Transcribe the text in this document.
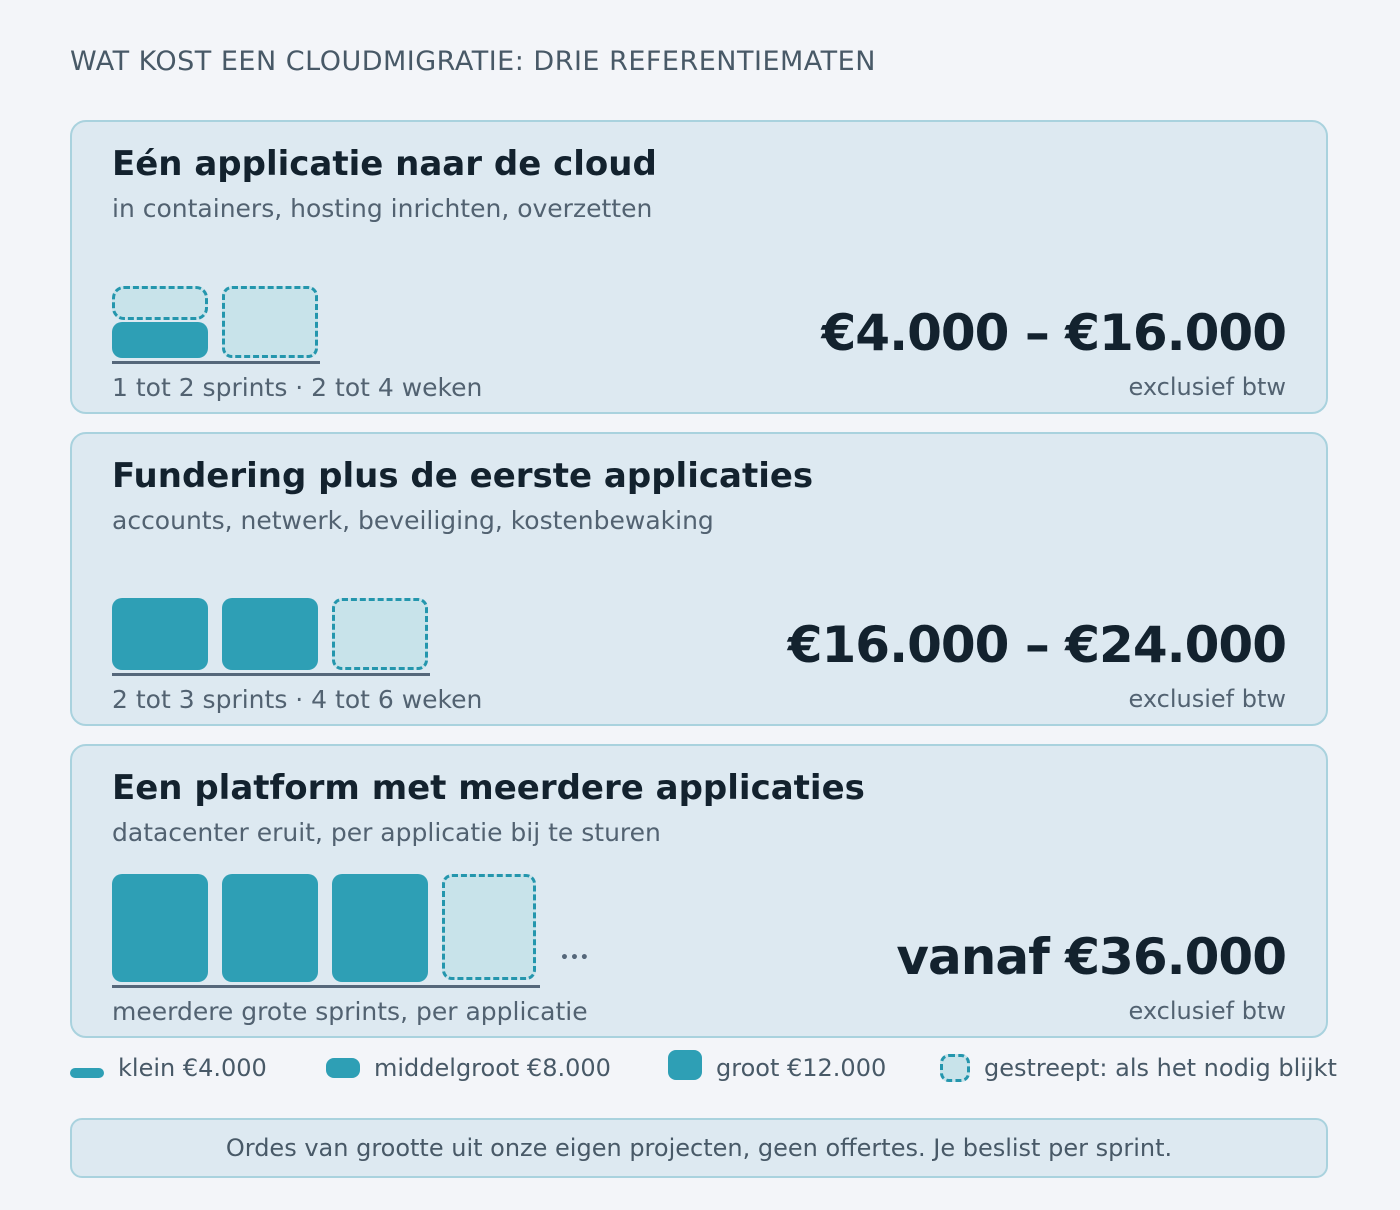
WAT KOST EEN CLOUDMIGRATIE: DRIE REFERENTIEMATEN
Eén applicatie naar de cloud
in containers, hosting inrichten, overzetten
1 tot 2 sprints · 2 tot 4 weken
€4.000 – €16.000
exclusief btw
Fundering plus de eerste applicaties
accounts, netwerk, beveiliging, kostenbewaking
2 tot 3 sprints · 4 tot 6 weken
€16.000 – €24.000
exclusief btw
Een platform met meerdere applicaties
datacenter eruit, per applicatie bij te sturen
•••
meerdere grote sprints, per applicatie
vanaf €36.000
exclusief btw
klein €4.000	middelgroot €8.000	groot €12.000	gestreept: als het nodig blijkt
Ordes van grootte uit onze eigen projecten, geen offertes. Je beslist per sprint.
